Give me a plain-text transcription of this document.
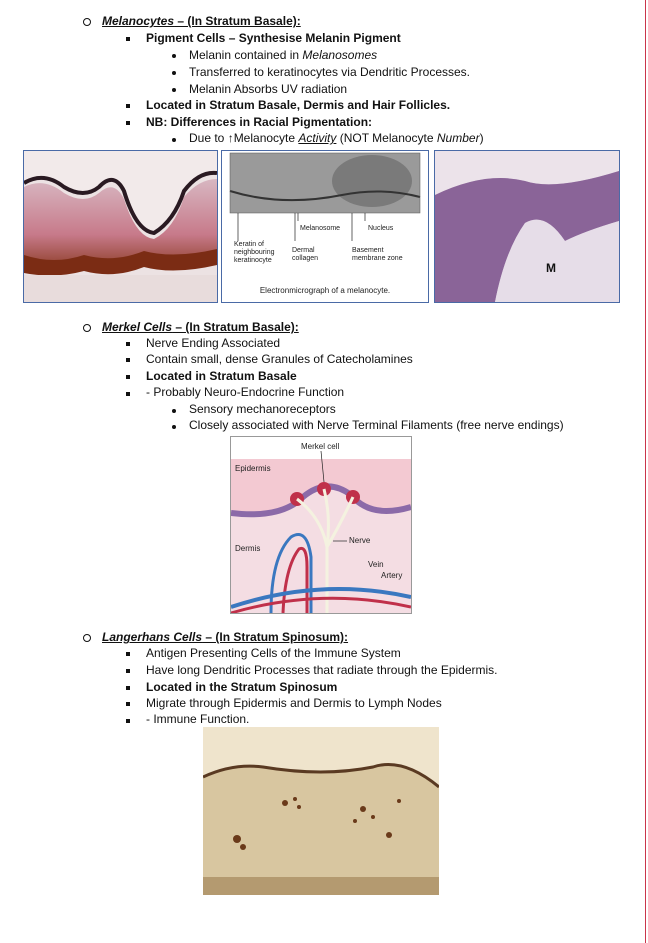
Melanocytes – (In Stratum Basale):
Pigment Cells – Synthesise Melanin Pigment
Melanin contained in Melanosomes
Transferred to keratinocytes via Dendritic Processes.
Melanin Absorbs UV radiation
Located in Stratum Basale, Dermis and Hair Follicles.
NB: Differences in Racial Pigmentation:
Due to ↑Melanocyte Activity (NOT Melanocyte Number)
Melanosome	Nucleus
Keratin of
neighbouring
keratinocyte
Dermal
collagen
Basement
membrane zone
Electronmicrograph of a melanocyte.
M
Merkel Cells – (In Stratum Basale):
Nerve Ending Associated
Contain small, dense Granules of Catecholamines
Located in Stratum Basale
- Probably Neuro-Endocrine Function
Sensory mechanoreceptors
Closely associated with Nerve Terminal Filaments (free nerve endings)
Merkel cell
Epidermis
Dermis
Nerve
Vein
Artery
Langerhans Cells – (In Stratum Spinosum):
Antigen Presenting Cells of the Immune System
Have long Dendritic Processes that radiate through the Epidermis.
Located in the Stratum Spinosum
Migrate through Epidermis and Dermis to Lymph Nodes
- Immune Function.
